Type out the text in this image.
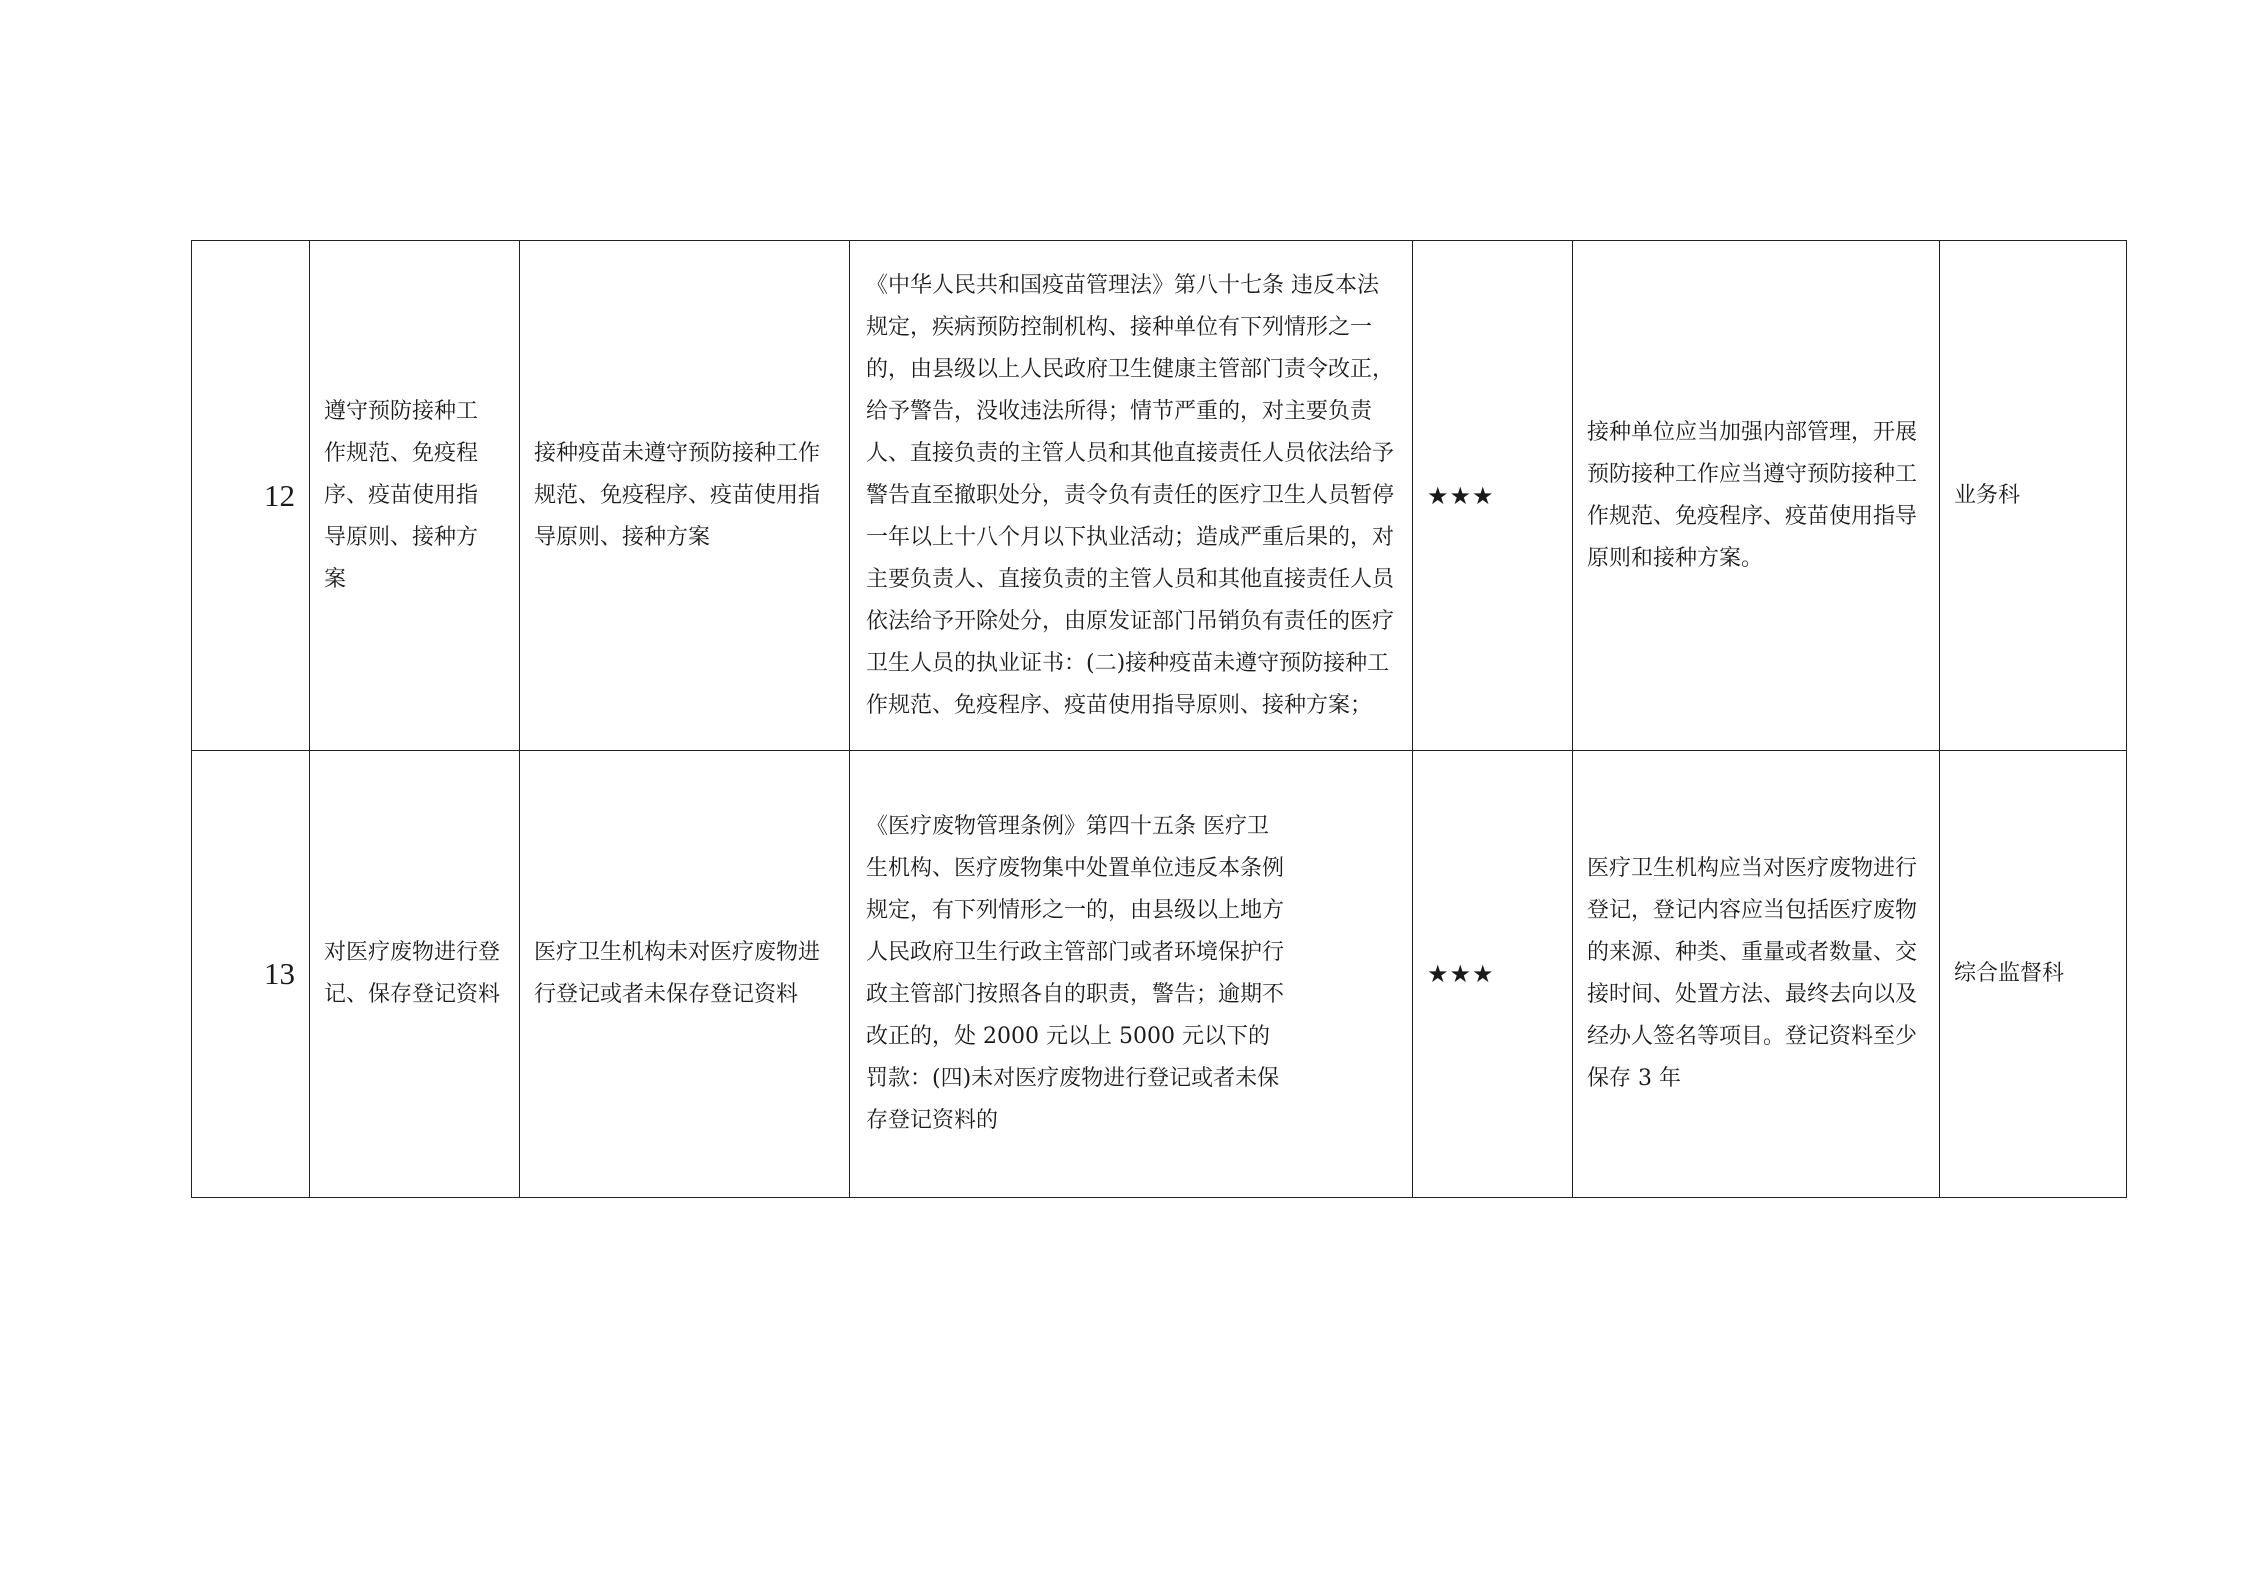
12	遵守预防接种工作规范、免疫程序、疫苗使用指导原则、接种方案	接种疫苗未遵守预防接种工作规范、免疫程序、疫苗使用指导原则、接种方案	《中华人民共和国疫苗管理法》第八十七条 违反本法规定，疾病预防控制机构、接种单位有下列情形之一的，由县级以上人民政府卫生健康主管部门责令改正，给予警告，没收违法所得；情节严重的，对主要负责人、直接负责的主管人员和其他直接责任人员依法给予警告直至撤职处分，责令负有责任的医疗卫生人员暂停一年以上十八个月以下执业活动；造成严重后果的，对主要负责人、直接负责的主管人员和其他直接责任人员依法给予开除处分，由原发证部门吊销负有责任的医疗卫生人员的执业证书：(二)接种疫苗未遵守预防接种工作规范、免疫程序、疫苗使用指导原则、接种方案；	★★★	接种单位应当加强内部管理，开展预防接种工作应当遵守预防接种工作规范、免疫程序、疫苗使用指导原则和接种方案。	业务科
13	对医疗废物进行登记、保存登记资料	医疗卫生机构未对医疗废物进行登记或者未保存登记资料	《医疗废物管理条例》第四十五条 医疗卫生机构、医疗废物集中处置单位违反本条例规定，有下列情形之一的，由县级以上地方人民政府卫生行政主管部门或者环境保护行政主管部门按照各自的职责，警告；逾期不改正的，处 2000 元以上 5000 元以下的罚款：(四)未对医疗废物进行登记或者未保存登记资料的	★★★	医疗卫生机构应当对医疗废物进行登记，登记内容应当包括医疗废物的来源、种类、重量或者数量、交接时间、处置方法、最终去向以及经办人签名等项目。登记资料至少保存 3 年	综合监督科
